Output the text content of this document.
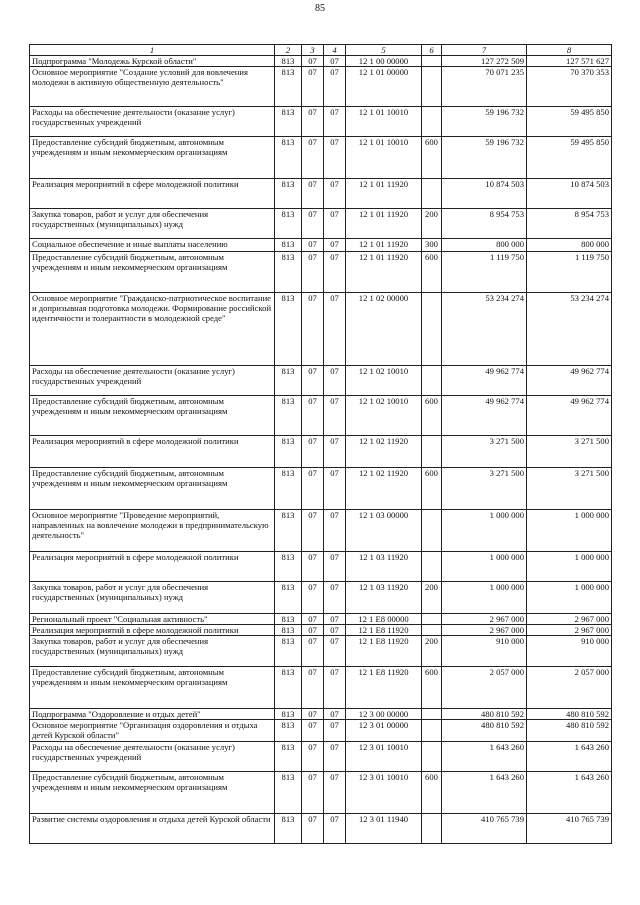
85
1	2	3	4	5	6	7	8
Подпрограмма "Молодежь Курской области"	813	07	07	12 1 00 00000		127 272 509	127 571 627
Основное мероприятие "Создание условий для вовлечения молодежи в активную общественную деятельность"	813	07	07	12 1 01 00000		70 071 235	70 370 353
Расходы на обеспечение деятельности (оказание услуг) государственных учреждений	813	07	07	12 1 01 10010		59 196 732	59 495 850
Предоставление субсидий бюджетным, автономным учреждениям и иным некоммерческим организациям	813	07	07	12 1 01 10010	600	59 196 732	59 495 850
Реализация мероприятий в сфере молодежной политики	813	07	07	12 1 01 11920		10 874 503	10 874 503
Закупка товаров, работ и услуг для обеспечения государственных (муниципальных) нужд	813	07	07	12 1 01 11920	200	8 954 753	8 954 753
Социальное обеспечение и иные выплаты населению	813	07	07	12 1 01 11920	300	800 000	800 000
Предоставление субсидий бюджетным, автономным учреждениям и иным некоммерческим организациям	813	07	07	12 1 01 11920	600	1 119 750	1 119 750
Основное мероприятие "Гражданско-патриотическое воспитание и допризывная подготовка молодежи. Формирование российской идентичности и толерантности в молодежной среде"	813	07	07	12 1 02 00000		53 234 274	53 234 274
Расходы на обеспечение деятельности (оказание услуг) государственных учреждений	813	07	07	12 1 02 10010		49 962 774	49 962 774
Предоставление субсидий бюджетным, автономным учреждениям и иным некоммерческим организациям	813	07	07	12 1 02 10010	600	49 962 774	49 962 774
Реализация мероприятий в сфере молодежной политики	813	07	07	12 1 02 11920		3 271 500	3 271 500
Предоставление субсидий бюджетным, автономным учреждениям и иным некоммерческим организациям	813	07	07	12 1 02 11920	600	3 271 500	3 271 500
Основное мероприятие "Проведение мероприятий, направленных на вовлечение молодежи в предпринимательскую деятельность"	813	07	07	12 1 03 00000		1 000 000	1 000 000
Реализация мероприятий в сфере молодежной политики	813	07	07	12 1 03 11920		1 000 000	1 000 000
Закупка товаров, работ и услуг для обеспечения государственных (муниципальных) нужд	813	07	07	12 1 03 11920	200	1 000 000	1 000 000
Региональный проект "Социальная активность"	813	07	07	12 1 E8 00000		2 967 000	2 967 000
Реализация мероприятий в сфере молодежной политики	813	07	07	12 1 E8 11920		2 967 000	2 967 000
Закупка товаров, работ и услуг для обеспечения государственных (муниципальных) нужд	813	07	07	12 1 E8 11920	200	910 000	910 000
Предоставление субсидий бюджетным, автономным учреждениям и иным некоммерческим организациям	813	07	07	12 1 E8 11920	600	2 057 000	2 057 000
Подпрограмма "Оздоровление и отдых детей"	813	07	07	12 3 00 00000		480 810 592	480 810 592
Основное мероприятие "Организация оздоровления и отдыха детей Курской области"	813	07	07	12 3 01 00000		480 810 592	480 810 592
Расходы на обеспечение деятельности (оказание услуг) государственных учреждений	813	07	07	12 3 01 10010		1 643 260	1 643 260
Предоставление субсидий бюджетным, автономным учреждениям и иным некоммерческим организациям	813	07	07	12 3 01 10010	600	1 643 260	1 643 260
Развитие системы оздоровления и отдыха детей Курской области	813	07	07	12 3 01 11940		410 765 739	410 765 739
